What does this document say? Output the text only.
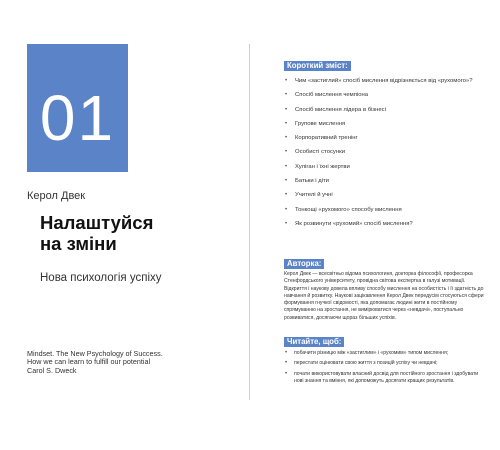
01
Керол Двек
Налаштуйся
на зміни
Нова психологія успіху
Mindset. The New Psychology of Success.
How we can learn to fulfill our potential
Carol S. Dweck
Короткий зміст:
• Чим «застиглий» спосіб мислення відрізняється від «рухомого»?
• Спосіб мислення чемпіона
• Спосіб мислення лідера в бізнесі
• Групове мислення
• Корпоративний тренінг
• Особисті стосунки
• Хуліган і їхні жертви
• Батьки і діти
• Учителі й учні
• Тонкощі «рухомого» способу мислення
• Як розвинути «рухомий» спосіб мислення?
Авторка:
Керол Двек — всесвітньо відома психологиня, докторка філософії, професорка Стенфордського університету, провідна світова експертка в галузі мотивації. Відкриття і наукову довела впливу способу мислення на особистість і її здатність до навчання й розвитку. Наукові зацікавлення Керол Двек передусім стосуються сфери формування гнучкої свідомості, яка допомагає людині жити в постійному спрямуванню на зростання, не вимірюватися через «невдачі», поступально розвиватися, досягаючи щораз більших успіхів.
Читайте, щоб:
• побачити різницю між «застиглим» і «рухомим» типом мислення;
• перестати оцінювати свою життя з позицій успіху чи невдачі;
• почати використовувати власний досвід для постійного зростання і здобувати нові знання та вміння, які допоможуть досягати кращих результатів.
